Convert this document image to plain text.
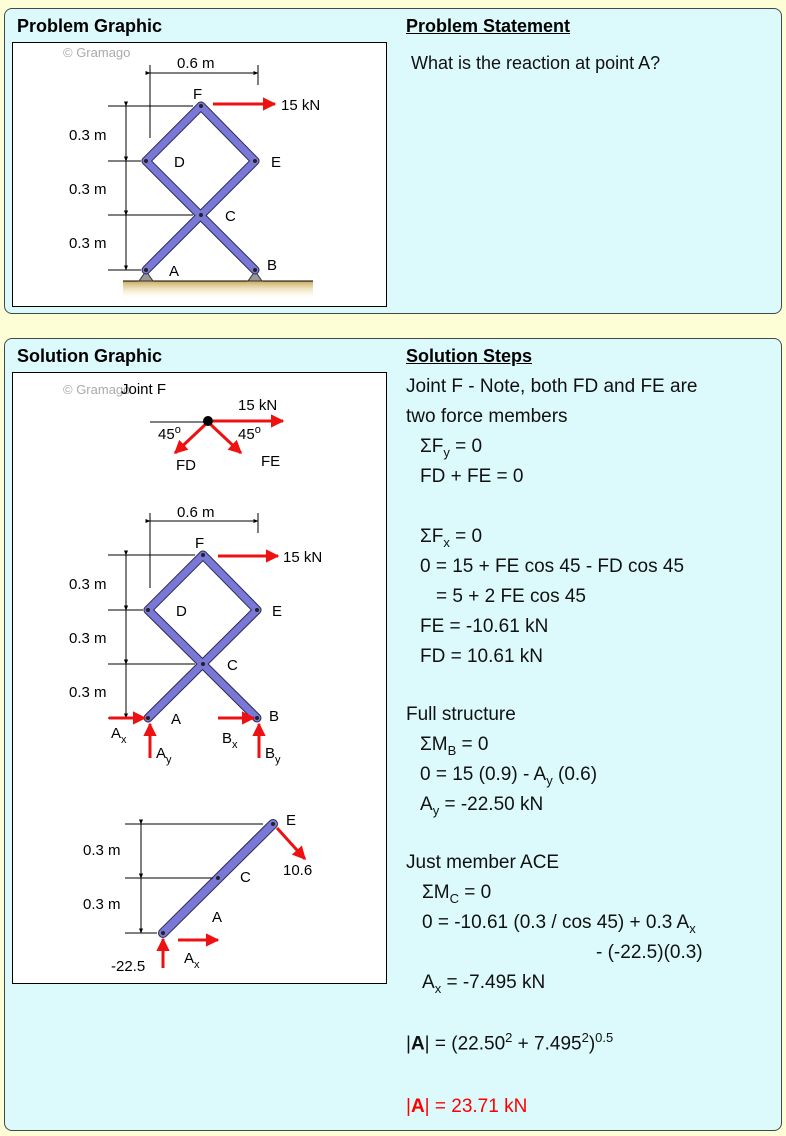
Problem Graphic	Problem Statement
What is the reaction at point A?
© Gramago
0.6 m
0.3 m
0.3 m
0.3 m
F
D	E
C
A	B
15 kN
Solution Graphic	Solution Steps
© Gramago
Joint F
15 kN
45$^o$	45$^o$
FD	FE
0.6 m
0.3 m
0.3 m
0.3 m
F
D	E
C
A	B
15 kN
$A_x$
$A_y$
$B_x$ $B_y$
0.3 m
0.3 m
E
C
A
10.6
-22.5	$A_x$
Joint F - Note, both FD and FE are
two force members
$\Sigma F_y = 0$
FD + FE = 0
$\Sigma F_x = 0$
0 = 15 + FE cos 45 - FD cos 45
= 5 + 2 FE cos 45
FE = -10.61 kN
FD = 10.61 kN
Full structure
$\Sigma M_B = 0$
0 = 15 $(0.9) - A_y$ (0.6)
$A_y = -22.50$ kN
Just member ACE
$\Sigma M_C = 0$
0 = -10.61 (0.3 / cos 45) + 0.3 $A_x$
- (-22.5)(0.3)
$A_x = -7.495$ kN
$|A| = (22.50^2 + 7.495^2)^{0.5}$
|A| = 23.71 kN
